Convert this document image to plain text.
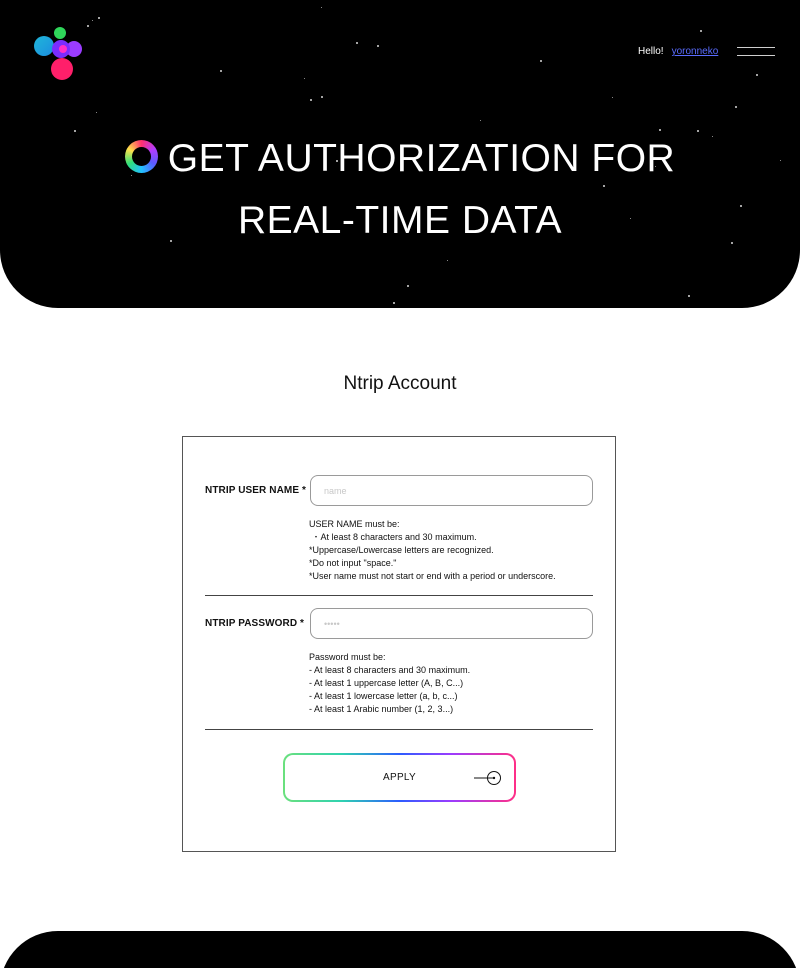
Hello! yoronneko
GET AUTHORIZATION FOR
REAL-TIME DATA
Ntrip Account
NTRIP USER NAME *
name
USER NAME must be:
・At least 8 characters and 30 maximum.
*Uppercase/Lowercase letters are recognized.
*Do not input "space."
*User name must not start or end with a period or underscore.
NTRIP PASSWORD *
Password must be:
- At least 8 characters and 30 maximum.
- At least 1 uppercase letter (A, B, C...)
- At least 1 lowercase letter (a, b, c...)
- At least 1 Arabic number (1, 2, 3...)
APPLY
